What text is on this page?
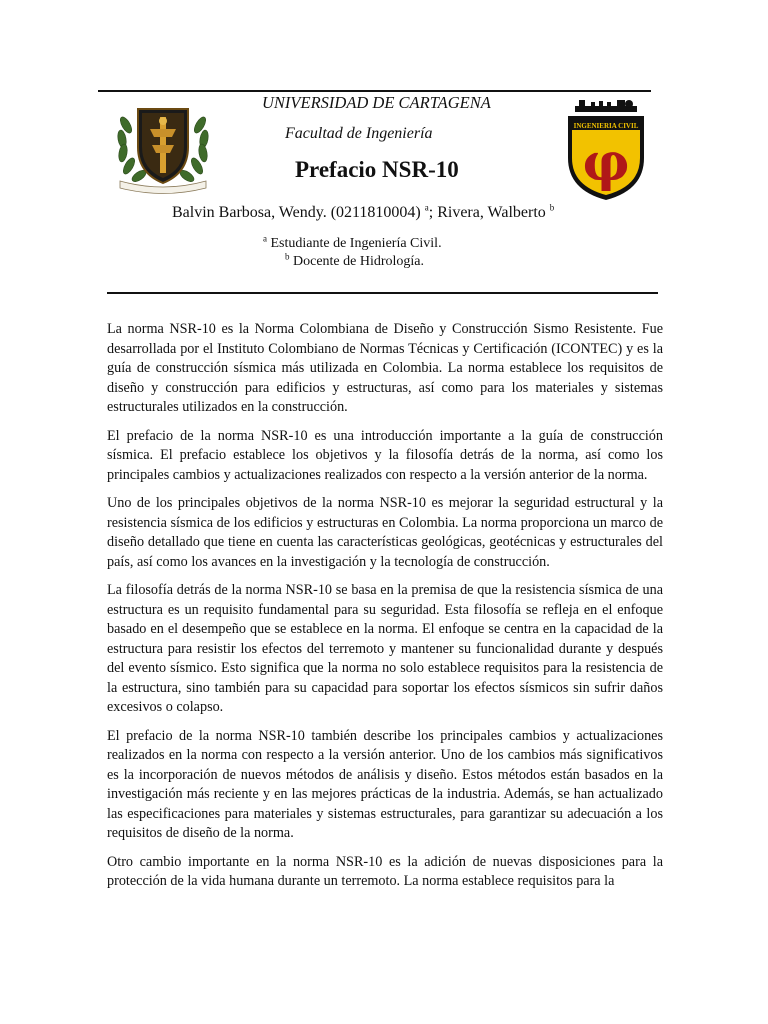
UNIVERSIDAD DE CARTAGENA
Facultad de Ingeniería
Prefacio NSR-10
INGENIERIA CIVIL
φ
Balvin Barbosa, Wendy. (0211810004) $^a$; Rivera, Walberto $^b$
$^a$ Estudiante de Ingeniería Civil.
$^b$ Docente de Hidrología.

La norma NSR-10 es la Norma Colombiana de Diseño y Construcción Sismo Resistente. Fue desarrollada por el Instituto Colombiano de Normas Técnicas y Certificación (ICONTEC) y es la guía de construcción sísmica más utilizada en Colombia. La norma establece los requisitos de diseño y construcción para edificios y estructuras, así como para los materiales y sistemas estructurales utilizados en la construcción.

El prefacio de la norma NSR-10 es una introducción importante a la guía de construcción sísmica. El prefacio establece los objetivos y la filosofía detrás de la norma, así como los principales cambios y actualizaciones realizados con respecto a la versión anterior de la norma.

Uno de los principales objetivos de la norma NSR-10 es mejorar la seguridad estructural y la resistencia sísmica de los edificios y estructuras en Colombia. La norma proporciona un marco de diseño detallado que tiene en cuenta las características geológicas, geotécnicas y estructurales del país, así como los avances en la investigación y la tecnología de construcción.

La filosofía detrás de la norma NSR-10 se basa en la premisa de que la resistencia sísmica de una estructura es un requisito fundamental para su seguridad. Esta filosofía se refleja en el enfoque basado en el desempeño que se establece en la norma. El enfoque se centra en la capacidad de la estructura para resistir los efectos del terremoto y mantener su funcionalidad durante y después del evento sísmico. Esto significa que la norma no solo establece requisitos para la resistencia de la estructura, sino también para su capacidad para soportar los efectos sísmicos sin sufrir daños excesivos o colapso.

El prefacio de la norma NSR-10 también describe los principales cambios y actualizaciones realizados en la norma con respecto a la versión anterior. Uno de los cambios más significativos es la incorporación de nuevos métodos de análisis y diseño. Estos métodos están basados en la investigación más reciente y en las mejores prácticas de la industria. Además, se han actualizado las especificaciones para materiales y sistemas estructurales, para garantizar su adecuación a los requisitos de diseño de la norma.

Otro cambio importante en la norma NSR-10 es la adición de nuevas disposiciones para la protección de la vida humana durante un terremoto. La norma establece requisitos para la
